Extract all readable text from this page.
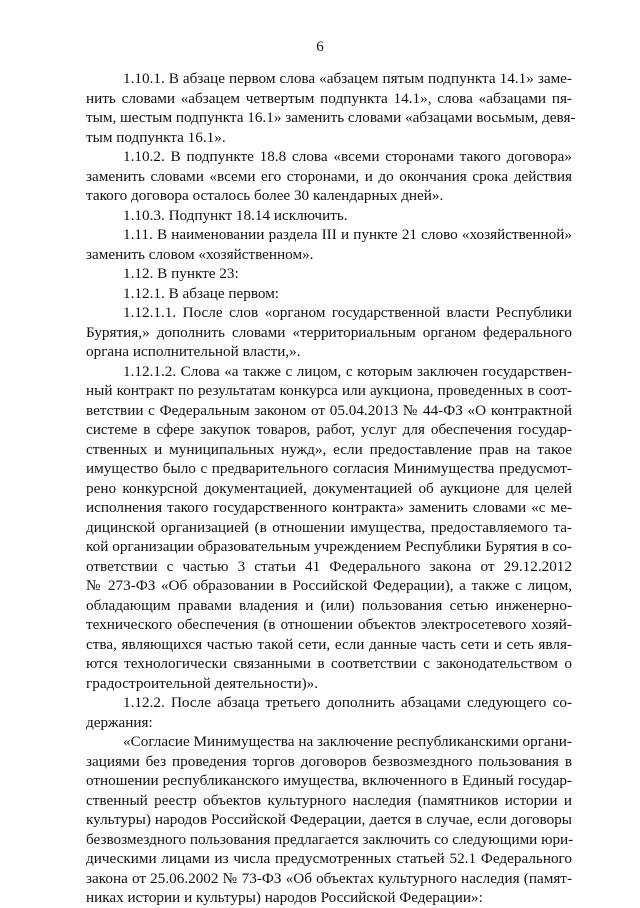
6
1.10.1. В абзаце первом слова «абзацем пятым подпункта 14.1» заме-
нить словами «абзацем четвертым подпункта 14.1», слова «абзацами пя-
тым, шестым подпункта 16.1» заменить словами «абзацами восьмым, девя-
тым подпункта 16.1».
1.10.2. В подпункте 18.8 слова «всеми сторонами такого договора»
заменить словами «всеми его сторонами, и до окончания срока действия
такого договора осталось более 30 календарных дней».
1.10.3. Подпункт 18.14 исключить.
1.11. В наименовании раздела III и пункте 21 слово «хозяйственной»
заменить словом «хозяйственном».
1.12. В пункте 23:
1.12.1. В абзаце первом:
1.12.1.1. После слов «органом государственной власти Республики
Бурятия,» дополнить словами «территориальным органом федерального
органа исполнительной власти,».
1.12.1.2. Слова «а также с лицом, с которым заключен государствен-
ный контракт по результатам конкурса или аукциона, проведенных в соот-
ветствии с Федеральным законом от 05.04.2013 № 44-ФЗ «О контрактной
системе в сфере закупок товаров, работ, услуг для обеспечения государ-
ственных и муниципальных нужд», если предоставление прав на такое
имущество было с предварительного согласия Минимущества предусмот-
рено конкурсной документацией, документацией об аукционе для целей
исполнения такого государственного контракта» заменить словами «с ме-
дицинской организацией (в отношении имущества, предоставляемого та-
кой организации образовательным учреждением Республики Бурятия в со-
ответствии с частью 3 статьи 41 Федерального закона от 29.12.2012
№ 273-ФЗ «Об образовании в Российской Федерации), а также с лицом,
обладающим правами владения и (или) пользования сетью инженерно-
технического обеспечения (в отношении объектов электросетевого хозяй-
ства, являющихся частью такой сети, если данные часть сети и сеть явля-
ются технологически связанными в соответствии с законодательством о
градостроительной деятельности)».
1.12.2. После абзаца третьего дополнить абзацами следующего со-
держания:
«Согласие Минимущества на заключение республиканскими органи-
зациями без проведения торгов договоров безвозмездного пользования в
отношении республиканского имущества, включенного в Единый государ-
ственный реестр объектов культурного наследия (памятников истории и
культуры) народов Российской Федерации, дается в случае, если договоры
безвозмездного пользования предлагается заключить со следующими юри-
дическими лицами из числа предусмотренных статьей 52.1 Федерального
закона от 25.06.2002 № 73-ФЗ «Об объектах культурного наследия (памят-
никах истории и культуры) народов Российской Федерации»:
